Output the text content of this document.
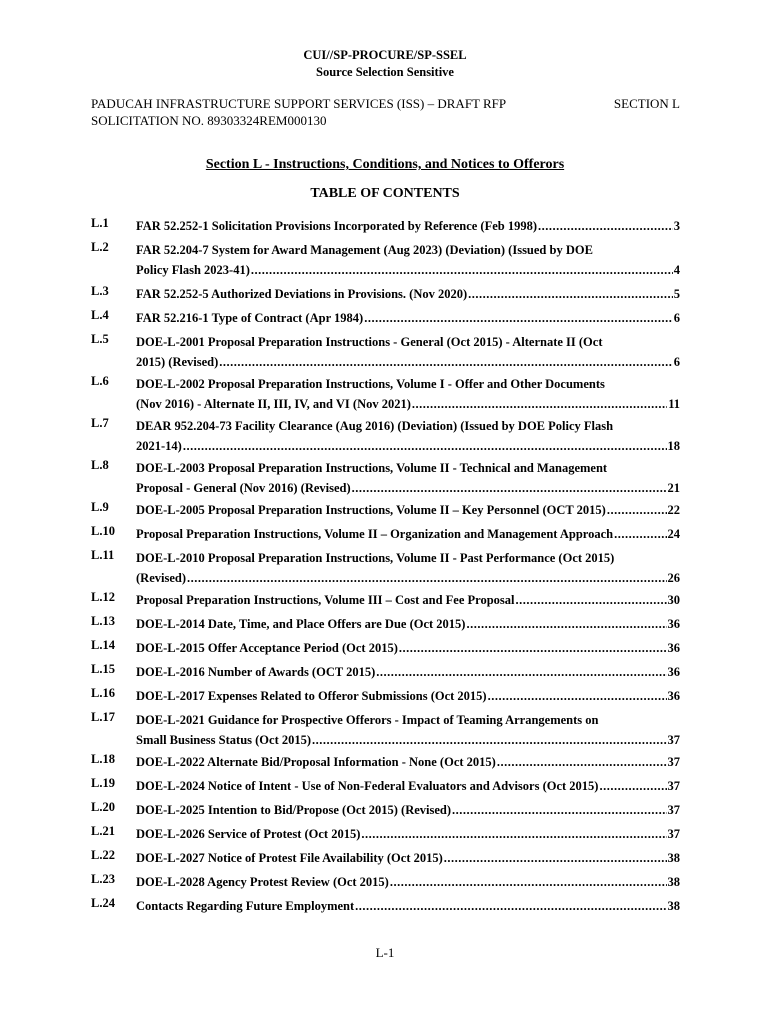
CUI//SP-PROCURE/SP-SSEL
Source Selection Sensitive
PADUCAH INFRASTRUCTURE SUPPORT SERVICES (ISS) – DRAFT RFP
SOLICITATION NO. 89303324REM000130
SECTION L
Section L - Instructions, Conditions, and Notices to Offerors
TABLE OF CONTENTS
L.1 FAR 52.252-1 Solicitation Provisions Incorporated by Reference (Feb 1998) .....	3
L.2 FAR 52.204-7 System for Award Management (Aug 2023) (Deviation) (Issued by DOE
Policy Flash 2023-41) .....	4
L.3 FAR 52.252-5 Authorized Deviations in Provisions. (Nov 2020) .....	5
L.4 FAR 52.216-1 Type of Contract (Apr 1984) .....	6
L.5 DOE-L-2001 Proposal Preparation Instructions - General (Oct 2015) - Alternate II (Oct
2015) (Revised) .....	6
L.6 DOE-L-2002 Proposal Preparation Instructions, Volume I - Offer and Other Documents
(Nov 2016) - Alternate II, III, IV, and VI (Nov 2021) .....	11
L.7 DEAR 952.204-73 Facility Clearance (Aug 2016) (Deviation) (Issued by DOE Policy Flash
2021-14) .....	18
L.8 DOE-L-2003 Proposal Preparation Instructions, Volume II - Technical and Management
Proposal - General (Nov 2016) (Revised) .....	21
L.9 DOE-L-2005 Proposal Preparation Instructions, Volume II – Key Personnel (OCT 2015) .....	22
L.10 Proposal Preparation Instructions, Volume II – Organization and Management Approach .....	24
L.11 DOE-L-2010 Proposal Preparation Instructions, Volume II - Past Performance (Oct 2015)
(Revised) .....	26
L.12 Proposal Preparation Instructions, Volume III – Cost and Fee Proposal .....	30
L.13 DOE-L-2014 Date, Time, and Place Offers are Due (Oct 2015) .....	36
L.14 DOE-L-2015 Offer Acceptance Period (Oct 2015) .....	36
L.15 DOE-L-2016 Number of Awards (OCT 2015) .....	36
L.16 DOE-L-2017 Expenses Related to Offeror Submissions (Oct 2015) .....	36
L.17 DOE-L-2021 Guidance for Prospective Offerors - Impact of Teaming Arrangements on
Small Business Status (Oct 2015) .....	37
L.18 DOE-L-2022 Alternate Bid/Proposal Information - None (Oct 2015) .....	37
L.19 DOE-L-2024 Notice of Intent - Use of Non-Federal Evaluators and Advisors (Oct 2015) .....	37
L.20 DOE-L-2025 Intention to Bid/Propose (Oct 2015) (Revised) .....	37
L.21 DOE-L-2026 Service of Protest (Oct 2015) .....	37
L.22 DOE-L-2027 Notice of Protest File Availability (Oct 2015) .....	38
L.23 DOE-L-2028 Agency Protest Review (Oct 2015) .....	38
L.24 Contacts Regarding Future Employment .....	38
L-1
